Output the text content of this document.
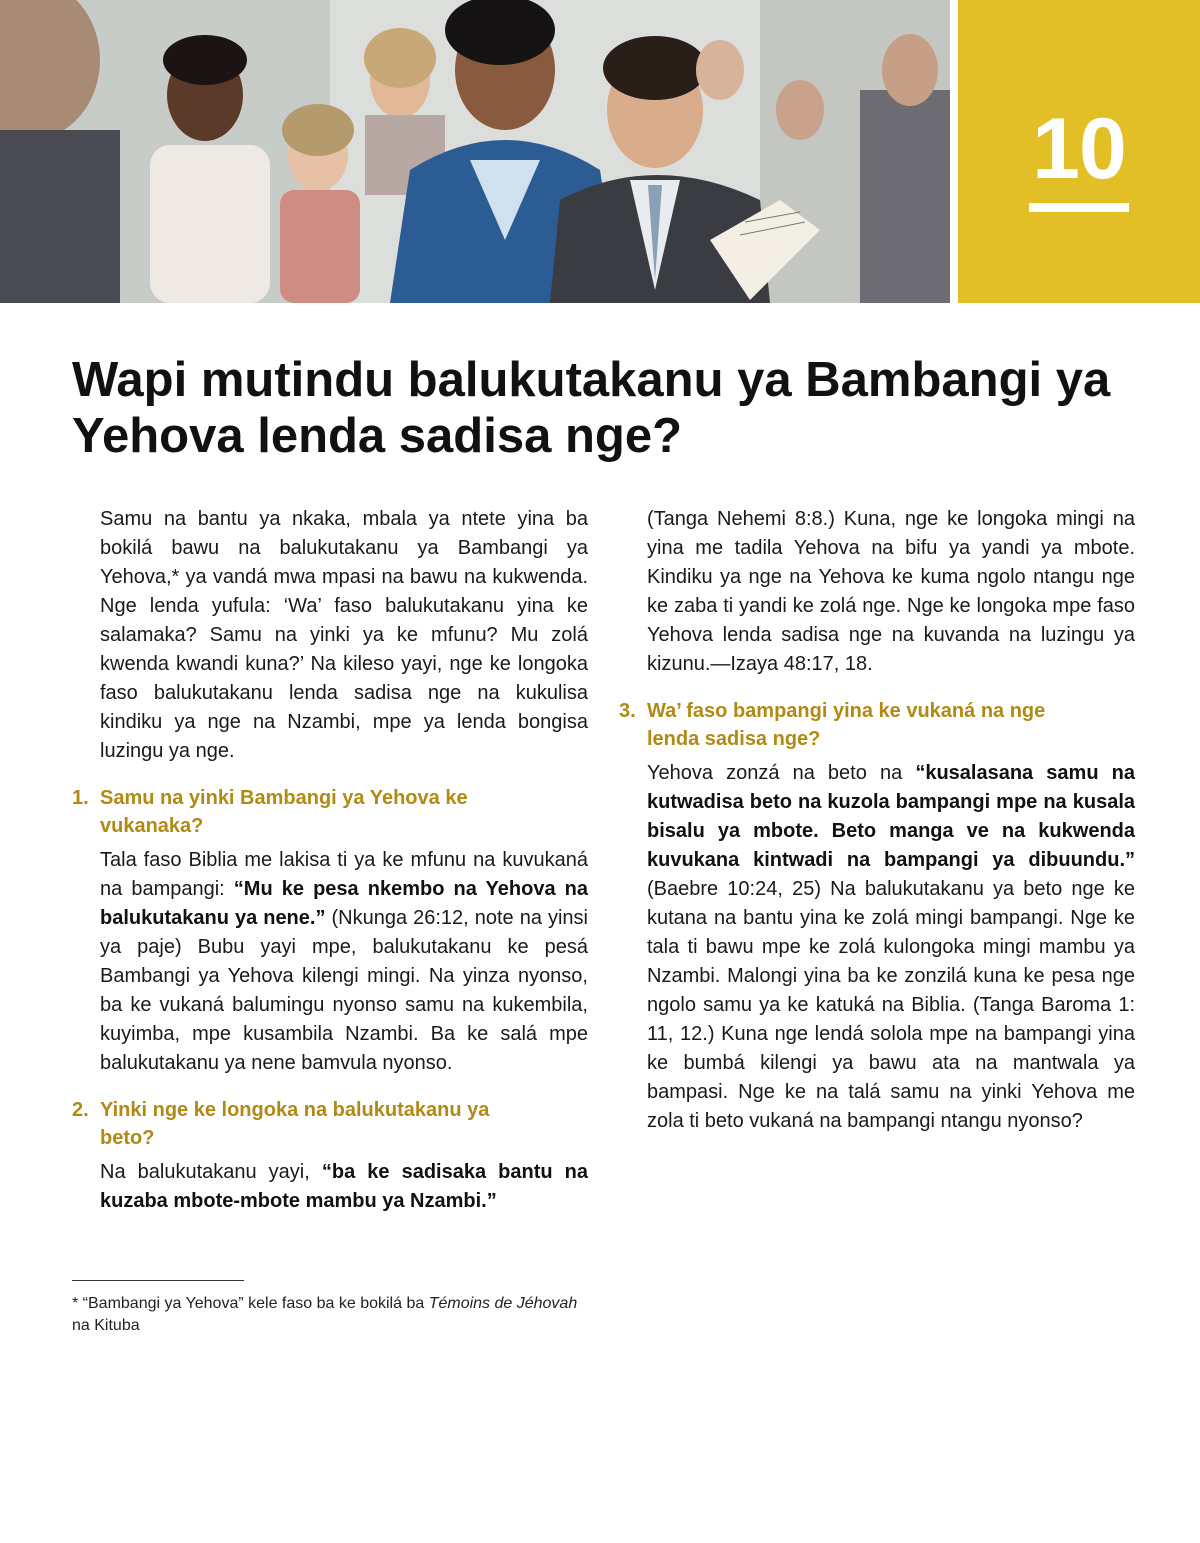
10
Wapi mutindu balukutakanu ya Bambangi ya Yehova lenda sadisa nge?

Samu na bantu ya nkaka, mbala ya ntete yina ba bokilá bawu na balukutakanu ya Bambangi ya Yehova,* ya vandá mwa mpasi na bawu na kukwenda. Nge lenda yufula: ‘Wa’ faso balukutakanu yina ke salamaka? Samu na yinki ya ke mfunu? Mu zolá kwenda kwandi kuna?’ Na kileso yayi, nge ke longoka faso balukutakanu lenda sadisa nge na kukulisa kindiku ya nge na Nzambi, mpe ya lenda bongisa luzingu ya nge.

1. Samu na yinki Bambangi ya Yehova ke vukanaka?

Tala faso Biblia me lakisa ti ya ke mfunu na kuvukaná na bampangi: “Mu ke pesa nkembo na Yehova na balukutakanu ya nene.” (Nkunga 26:12, note na yinsi ya paje) Bubu yayi mpe, balukutakanu ke pesá Bambangi ya Yehova kilengi mingi. Na yinza nyonso, ba ke vukaná balumingu nyonso samu na kukembila, kuyimba, mpe kusambila Nzambi. Ba ke salá mpe balukutakanu ya nene bamvula nyonso.

2. Yinki nge ke longoka na balukutakanu ya beto?

Na balukutakanu yayi, “ba ke sadisaka bantu na kuzaba mbote-mbote mambu ya Nzambi.”

* “Bambangi ya Yehova” kele faso ba ke bokilá ba Témoins de Jéhovah na Kituba

(Tanga Nehemi 8:8.) Kuna, nge ke longoka mingi na yina me tadila Yehova na bifu ya yandi ya mbote. Kindiku ya nge na Yehova ke kuma ngolo ntangu nge ke zaba ti yandi ke zolá nge. Nge ke longoka mpe faso Yehova lenda sadisa nge na kuvanda na luzingu ya kizunu.—Izaya 48:17, 18.

3. Wa’ faso bampangi yina ke vukaná na nge lenda sadisa nge?

Yehova zonzá na beto na “kusalasana samu na kutwadisa beto na kuzola bampangi mpe na kusala bisalu ya mbote. Beto manga ve na kukwenda kuvukana kintwadi na bampangi ya dibuundu.” (Baebre 10:24, 25) Na balukutakanu ya beto nge ke kutana na bantu yina ke zolá mingi bampangi. Nge ke tala ti bawu mpe ke zolá kulongoka mingi mambu ya Nzambi. Malongi yina ba ke zonzilá kuna ke pesa nge ngolo samu ya ke katuká na Biblia. (Tanga Baroma 1: 11, 12.) Kuna nge lendá solola mpe na bampangi yina ke bumbá kilengi ya bawu ata na mantwala ya bampasi. Nge ke na talá samu na yinki Yehova me zola ti beto vukaná na bampangi ntangu nyonso?
